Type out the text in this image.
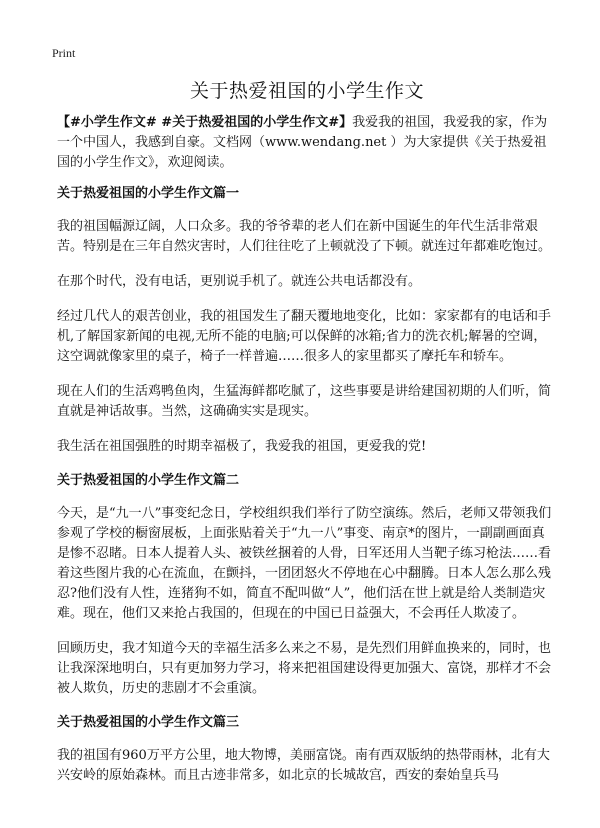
Print
关于热爱祖国的小学生作文

【#小学生作文# #关于热爱祖国的小学生作文#】我爱我的祖国，我爱我的家，作为一个中国人，我感到自豪。文档网（www.wendang.net ）为大家提供《关于热爱祖国的小学生作文》，欢迎阅读。

关于热爱祖国的小学生作文篇一

我的祖国幅源辽阔，人口众多。我的爷爷辈的老人们在新中国诞生的年代生活非常艰苦。特别是在三年自然灾害时，人们往往吃了上顿就没了下顿。就连过年都难吃饱过。

在那个时代，没有电话，更别说手机了。就连公共电话都没有。

经过几代人的艰苦创业，我的祖国发生了翻天覆地地变化，比如：家家都有的电话和手机,了解国家新闻的电视,无所不能的电脑;可以保鲜的冰箱;省力的洗衣机;解暑的空调，这空调就像家里的桌子，椅子一样普遍……很多人的家里都买了摩托车和轿车。

现在人们的生活鸡鸭鱼肉，生猛海鲜都吃腻了，这些事要是讲给建国初期的人们听，简直就是神话故事。当然，这确确实实是现实。

我生活在祖国强胜的时期幸福极了，我爱我的祖国，更爱我的党!

关于热爱祖国的小学生作文篇二

今天，是“九一八”事变纪念日，学校组织我们举行了防空演练。然后，老师又带领我们参观了学校的橱窗展板，上面张贴着关于“九一八”事变、南京*的图片，一副副画面真是惨不忍睹。日本人提着人头、被铁丝捆着的人骨，日军还用人当靶子练习枪法……看着这些图片我的心在流血，在颤抖，一团团怒火不停地在心中翻腾。日本人怎么那么残忍?他们没有人性，连猪狗不如，简直不配叫做“人”，他们活在世上就是给人类制造灾难。现在，他们又来抢占我国的，但现在的中国已日益强大，不会再任人欺凌了。

回顾历史，我才知道今天的幸福生活多么来之不易，是先烈们用鲜血换来的，同时，也让我深深地明白，只有更加努力学习，将来把祖国建设得更加强大、富饶，那样才不会被人欺负，历史的悲剧才不会重演。

关于热爱祖国的小学生作文篇三

我的祖国有960万平方公里，地大物博，美丽富饶。南有西双版纳的热带雨林，北有大兴安岭的原始森林。而且古迹非常多，如北京的长城故宫，西安的秦始皇兵马
